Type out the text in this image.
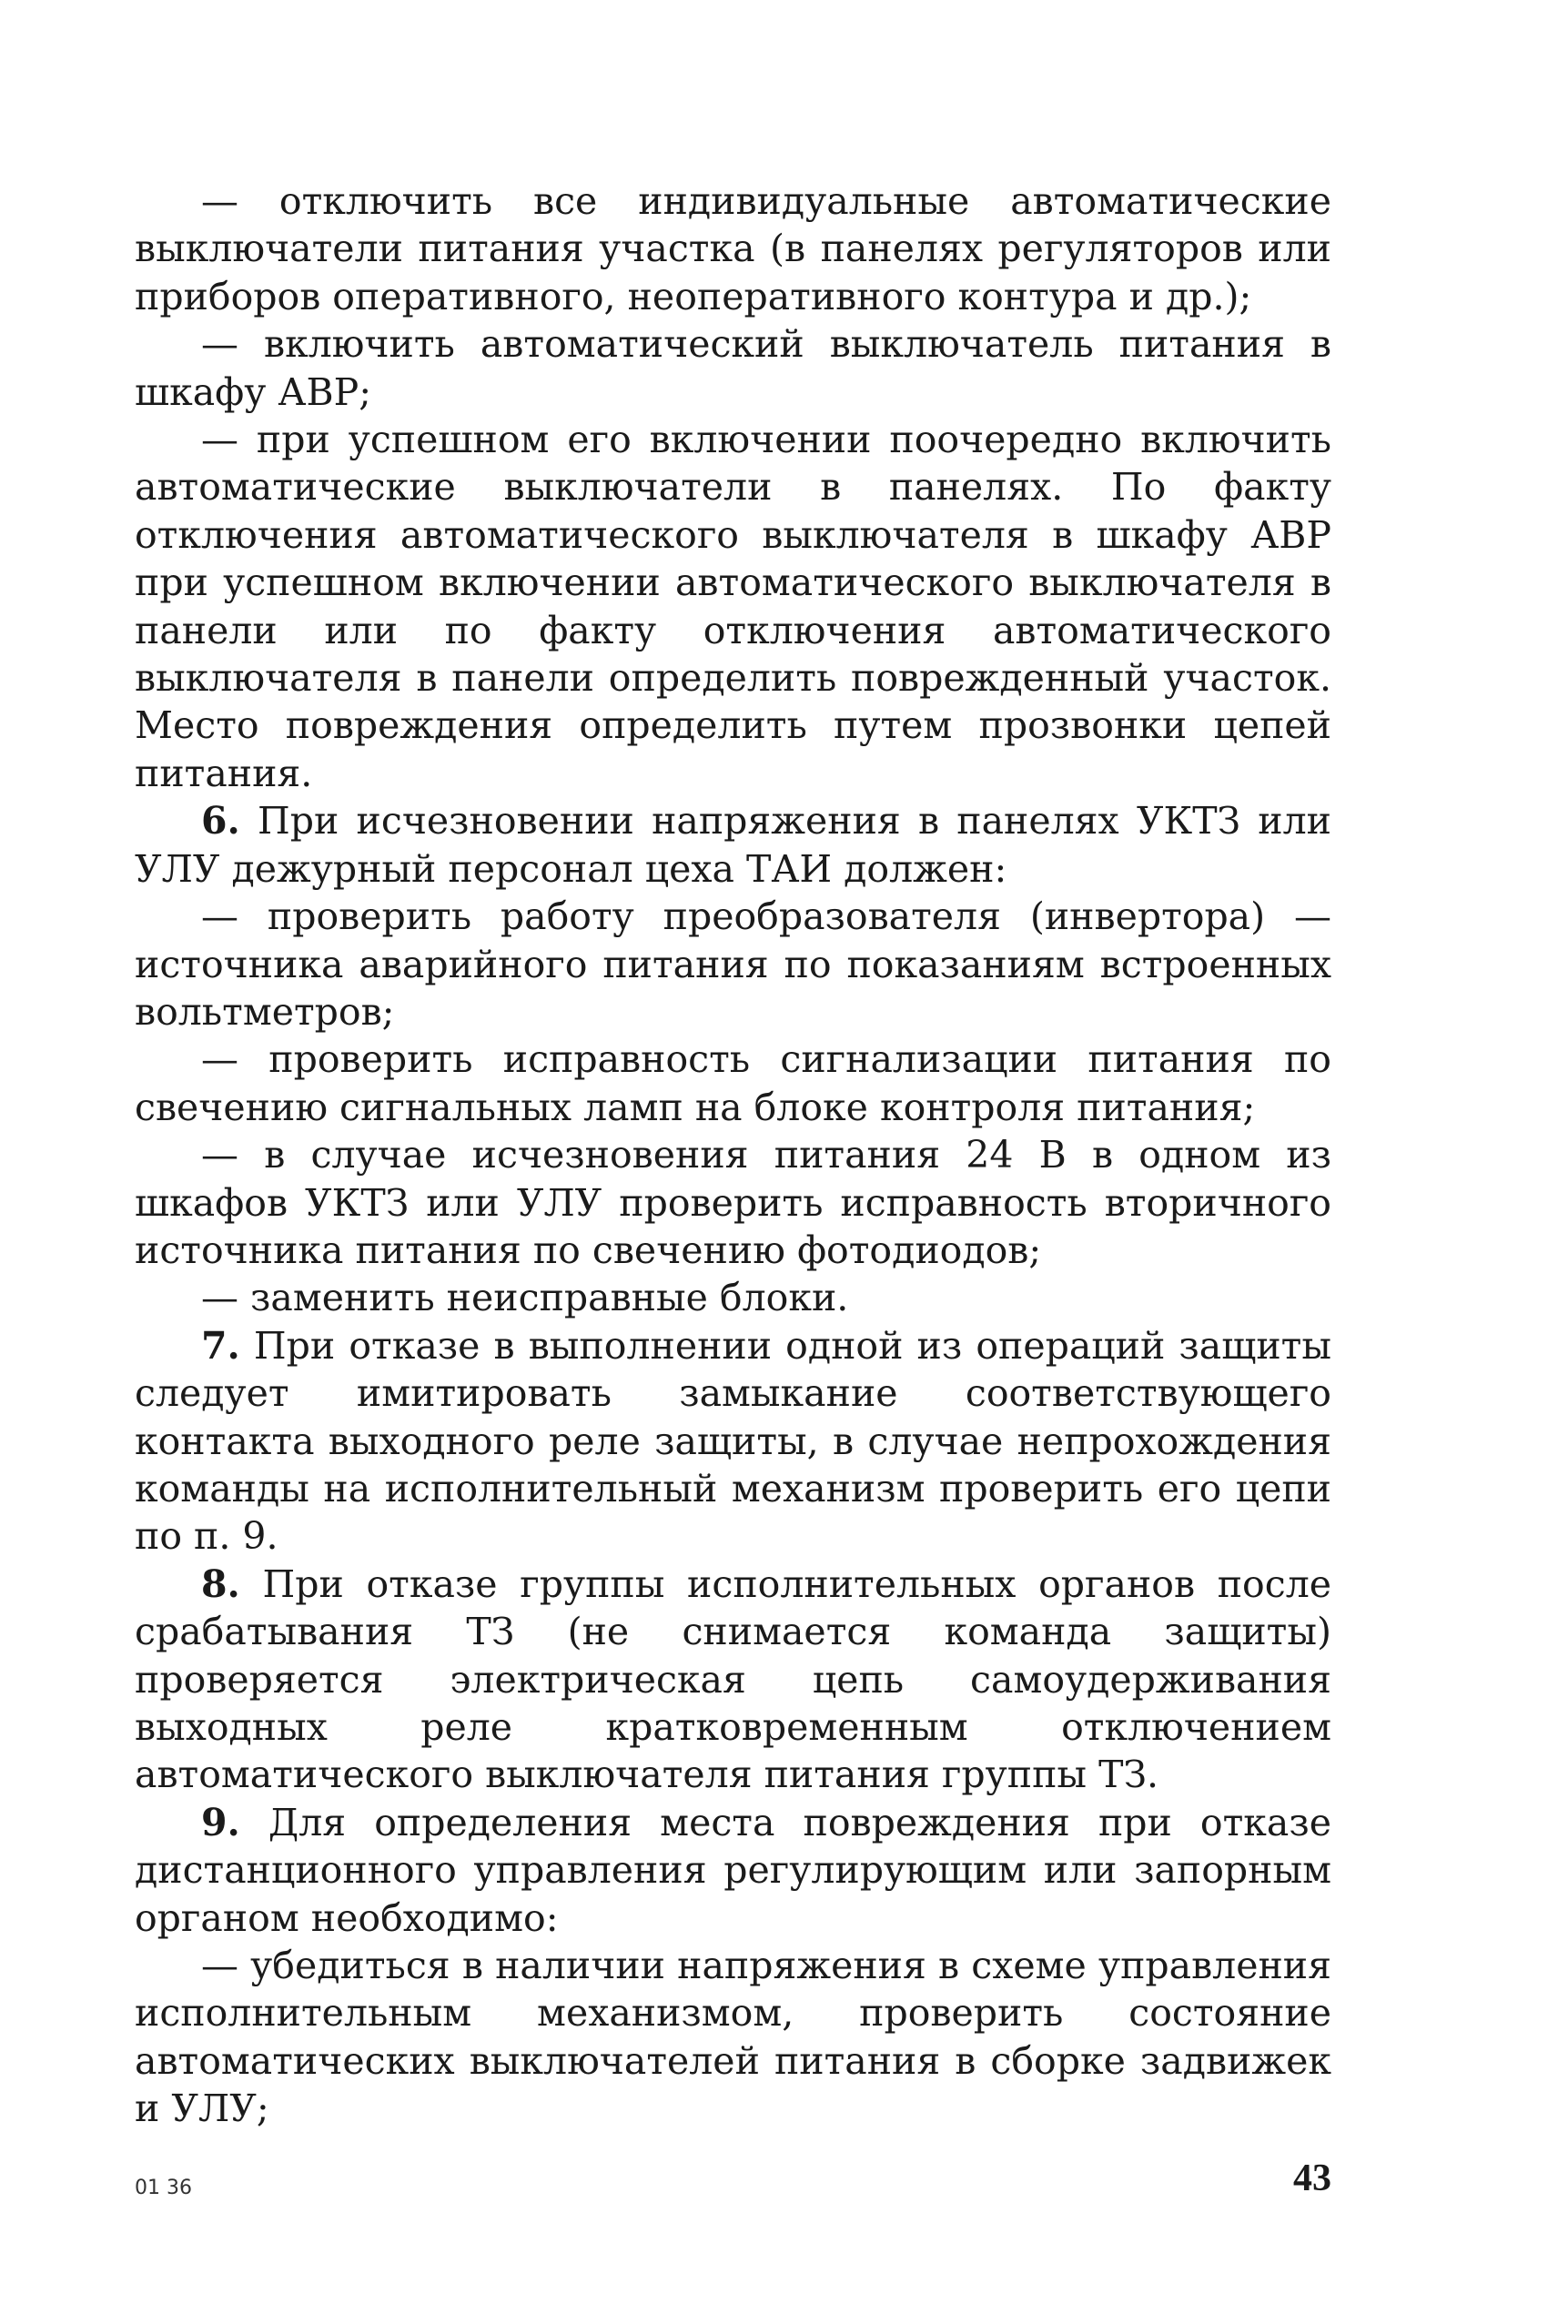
— отключить все индивидуальные автоматические выключатели питания участка (в панелях регуляторов или приборов оперативного, неоперативного контура и др.);

— включить автоматический выключатель питания в шкафу АВР;

— при успешном его включении поочередно включить автоматические выключатели в панелях. По факту отключения автоматического выключателя в шкафу АВР при успешном включении автоматического выключателя в панели или по факту отключения автоматического выключателя в панели определить поврежденный участок. Место повреждения определить путем прозвонки цепей питания.

6. При исчезновении напряжения в панелях УКТЗ или УЛУ дежурный персонал цеха ТАИ должен:

— проверить работу преобразователя (инвертора) — источника аварийного питания по показаниям встроенных вольтметров;

— проверить исправность сигнализации питания по свечению сигнальных ламп на блоке контроля питания;

— в случае исчезновения питания 24 В в одном из шкафов УКТЗ или УЛУ проверить исправность вторичного источника питания по свечению фотодиодов;

— заменить неисправные блоки.

7. При отказе в выполнении одной из операций защиты следует имитировать замыкание соответствующего контакта выходного реле защиты, в случае непрохождения команды на исполнительный механизм проверить его цепи по п. 9.

8. При отказе группы исполнительных органов после срабатывания ТЗ (не снимается команда защиты) проверяется электрическая цепь самоудерживания выходных реле кратковременным отключением автоматического выключателя питания группы ТЗ.

9. Для определения места повреждения при отказе дистанционного управления регулирующим или запорным органом необходимо:

— убедиться в наличии напряжения в схеме управления исполнительным механизмом, проверить состояние автоматических выключателей питания в сборке задвижек и УЛУ;

01 36	43
